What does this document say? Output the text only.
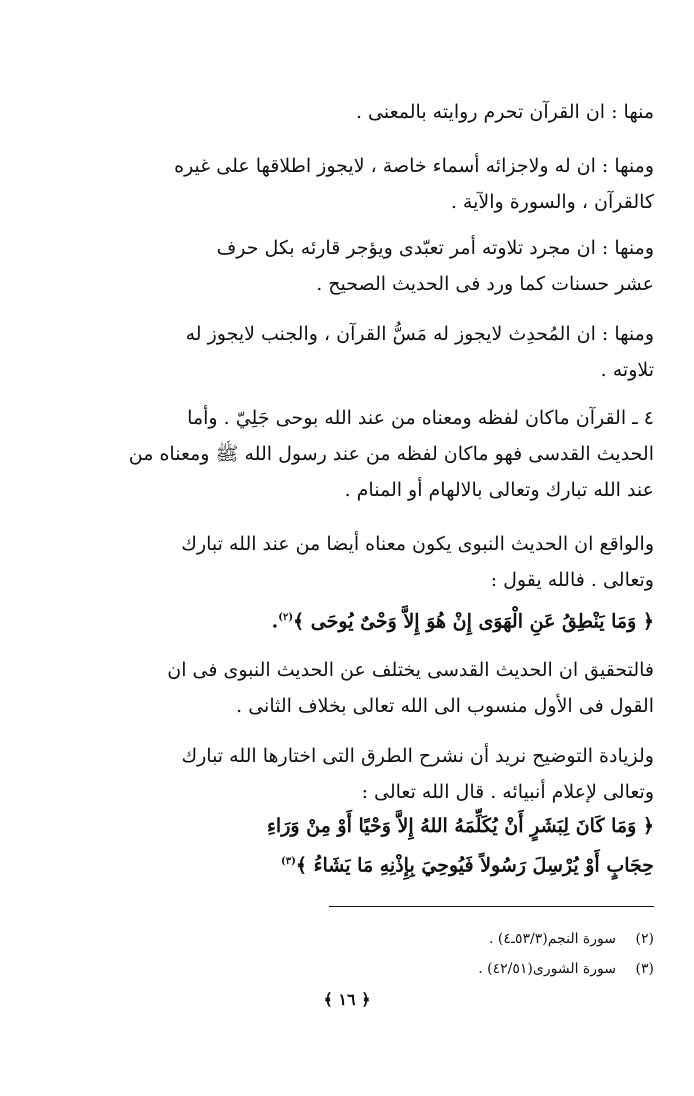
منها : ان القرآن تحرم روايته بالمعنى .
ومنها : ان له ولاجزائه أسماء خاصة ، لايجوز اطلاقها على غيره
كالقرآن ، والسورة والآية .
ومنها : ان مجرد تلاوته أمر تعبّدى ويؤجر قارئه بكل حرف
عشر حسنات كما ورد فى الحديث الصحيح .
ومنها : ان المُحدِث لايجوز له مَسُّ القرآن ، والجنب لايجوز له
تلاوته .
٤ ـ القرآن ماكان لفظه ومعناه من عند الله بوحى جَلِيّ . وأما
الحديث القدسى فهو ماكان لفظه من عند رسول الله ﷺ ومعناه من
عند الله تبارك وتعالى بالالهام أو المنام .
والواقع ان الحديث النبوى يكون معناه أيضا من عند الله تبارك
وتعالى . فالله يقول :
﴿ وَمَا يَنْطِقُ عَنِ الْهَوَى إِنْ هُوَ إِلاَّ وَحْىٌ يُوحَى ﴾$^{(٢)}$.
فالتحقيق ان الحديث القدسى يختلف عن الحديث النبوى فى ان
القول فى الأول منسوب الى الله تعالى بخلاف الثانى .
ولزيادة التوضيح نريد أن نشرح الطرق التى اختارها الله تبارك
وتعالى لإعلام أنبيائه . قال الله تعالى :
﴿ وَمَا كَانَ لِبَشَرٍ أَنْ يُكَلِّمَهُ اللهُ إِلاَّ وَحْيًا أَوْ مِنْ وَرَاءِ
حِجَابٍ أَوْ يُرْسِلَ رَسُولاً فَيُوحِيَ بِإِذْنِهِ مَا يَشَاءُ ﴾$^{(٣)}$
(٢)سورة النجم(٥٣/٣ـ٤) .
(٣)سورة الشورى(٤٢/٥١) .
﴿ ١٦ ﴾
